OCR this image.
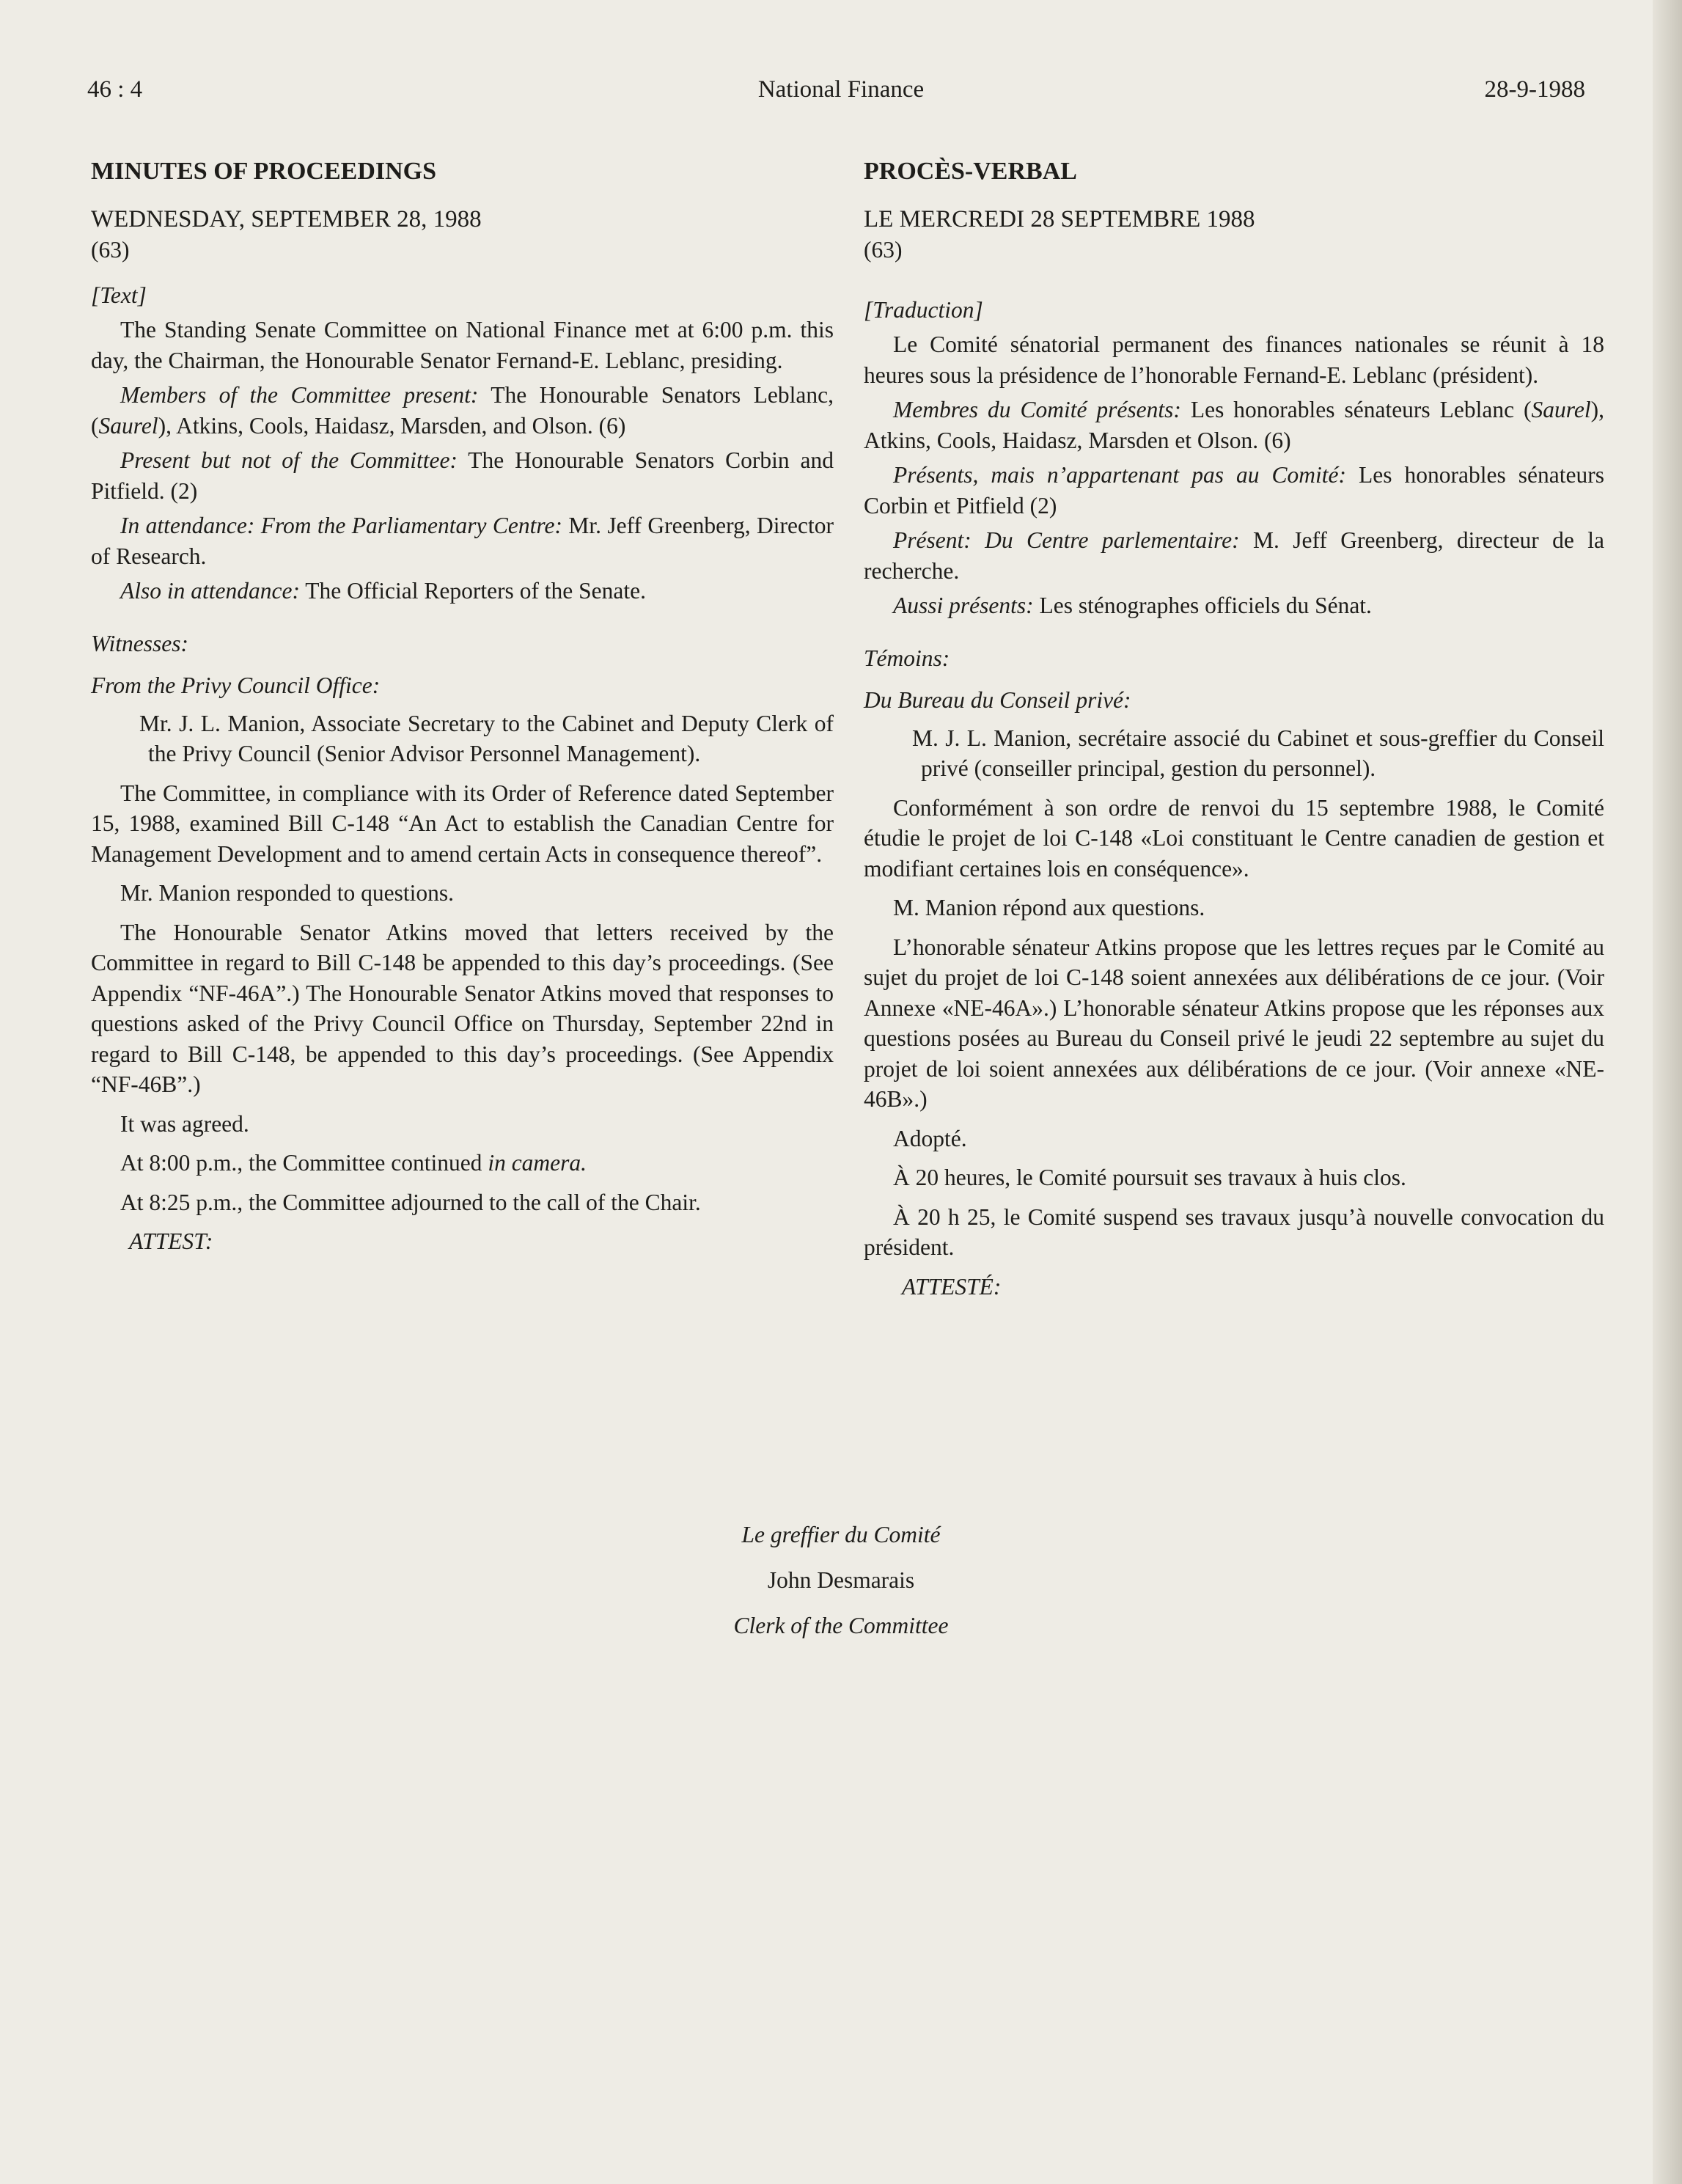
National Finance
46 : 4	28-9-1988
MINUTES OF PROCEEDINGS

WEDNESDAY, SEPTEMBER 28, 1988

(63)

[Text]

The Standing Senate Committee on National Finance met at 6:00 p.m. this day, the Chairman, the Honourable Senator Fernand-E. Leblanc, presiding.

Members of the Committee present: The Honourable Senators Leblanc, (Saurel), Atkins, Cools, Haidasz, Marsden, and Olson. (6)

Present but not of the Committee: The Honourable Senators Corbin and Pitfield. (2)

In attendance: From the Parliamentary Centre: Mr. Jeff Greenberg, Director of Research.

Also in attendance: The Official Reporters of the Senate.

Witnesses:

From the Privy Council Office:

Mr. J. L. Manion, Associate Secretary to the Cabinet and Deputy Clerk of the Privy Council (Senior Advisor Personnel Management).

The Committee, in compliance with its Order of Reference dated September 15, 1988, examined Bill C-148 “An Act to establish the Canadian Centre for Management Development and to amend certain Acts in consequence thereof”.

Mr. Manion responded to questions.

The Honourable Senator Atkins moved that letters received by the Committee in regard to Bill C-148 be appended to this day’s proceedings. (See Appendix “NF-46A”.) The Honourable Senator Atkins moved that responses to questions asked of the Privy Council Office on Thursday, September 22nd in regard to Bill C-148, be appended to this day’s proceedings. (See Appendix “NF-46B”.)

It was agreed.

At 8:00 p.m., the Committee continued in camera.

At 8:25 p.m., the Committee adjourned to the call of the Chair.

ATTEST:

PROCÈS-VERBAL

LE MERCREDI 28 SEPTEMBRE 1988

(63)

[Traduction]

Le Comité sénatorial permanent des finances nationales se réunit à 18 heures sous la présidence de l’honorable Fernand-E. Leblanc (président).

Membres du Comité présents: Les honorables sénateurs Leblanc (Saurel), Atkins, Cools, Haidasz, Marsden et Olson. (6)

Présents, mais n’appartenant pas au Comité: Les honorables sénateurs Corbin et Pitfield (2)

Présent: Du Centre parlementaire: M. Jeff Greenberg, directeur de la recherche.

Aussi présents: Les sténographes officiels du Sénat.

Témoins:

Du Bureau du Conseil privé:

M. J. L. Manion, secrétaire associé du Cabinet et sous-greffier du Conseil privé (conseiller principal, gestion du personnel).

Conformément à son ordre de renvoi du 15 septembre 1988, le Comité étudie le projet de loi C-148 «Loi constituant le Centre canadien de gestion et modifiant certaines lois en conséquence».

M. Manion répond aux questions.

L’honorable sénateur Atkins propose que les lettres reçues par le Comité au sujet du projet de loi C-148 soient annexées aux délibérations de ce jour. (Voir Annexe «NE-46A».) L’honorable sénateur Atkins propose que les réponses aux questions posées au Bureau du Conseil privé le jeudi 22 septembre au sujet du projet de loi soient annexées aux délibérations de ce jour. (Voir annexe «NE-46B».)

Adopté.

À 20 heures, le Comité poursuit ses travaux à huis clos.

À 20 h 25, le Comité suspend ses travaux jusqu’à nouvelle convocation du président.

ATTESTÉ:

Le greffier du Comité
John Desmarais
Clerk of the Committee
